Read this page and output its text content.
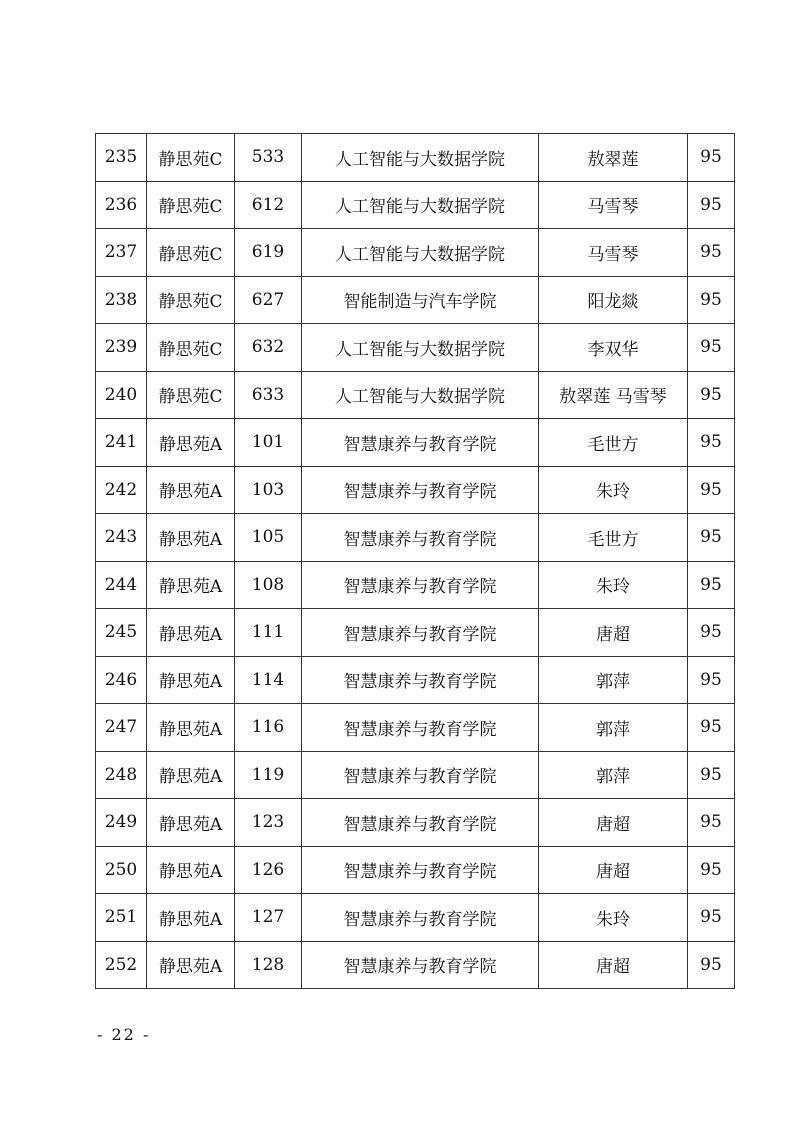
235	静思苑C	533	人工智能与大数据学院	敖翠莲	95
236	静思苑C	612	人工智能与大数据学院	马雪琴	95
237	静思苑C	619	人工智能与大数据学院	马雪琴	95
238	静思苑C	627	智能制造与汽车学院	阳龙燚	95
239	静思苑C	632	人工智能与大数据学院	李双华	95
240	静思苑C	633	人工智能与大数据学院	敖翠莲 马雪琴	95
241	静思苑A	101	智慧康养与教育学院	毛世方	95
242	静思苑A	103	智慧康养与教育学院	朱玲	95
243	静思苑A	105	智慧康养与教育学院	毛世方	95
244	静思苑A	108	智慧康养与教育学院	朱玲	95
245	静思苑A	111	智慧康养与教育学院	唐超	95
246	静思苑A	114	智慧康养与教育学院	郭萍	95
247	静思苑A	116	智慧康养与教育学院	郭萍	95
248	静思苑A	119	智慧康养与教育学院	郭萍	95
249	静思苑A	123	智慧康养与教育学院	唐超	95
250	静思苑A	126	智慧康养与教育学院	唐超	95
251	静思苑A	127	智慧康养与教育学院	朱玲	95
252	静思苑A	128	智慧康养与教育学院	唐超	95
- 22 -
